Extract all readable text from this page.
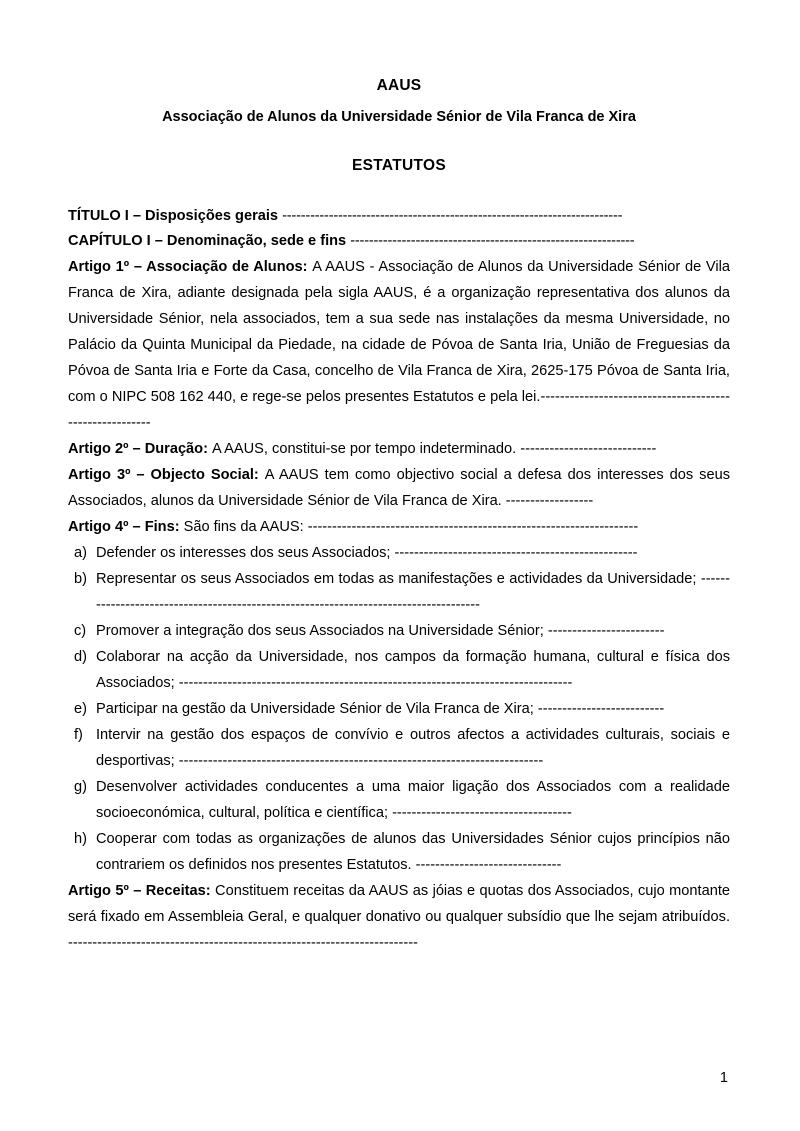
AAUS
Associação de Alunos da Universidade Sénior de Vila Franca de Xira
ESTATUTOS

TÍTULO I – Disposições gerais -------------------------------------------------------------------------

CAPÍTULO I – Denominação, sede e fins -------------------------------------------------------------

Artigo 1º – Associação de Alunos: A AAUS - Associação de Alunos da Universidade Sénior de Vila Franca de Xira, adiante designada pela sigla AAUS, é a organização representativa dos alunos da Universidade Sénior, nela associados, tem a sua sede nas instalações da mesma Universidade, no Palácio da Quinta Municipal da Piedade, na cidade de Póvoa de Santa Iria, União de Freguesias da Póvoa de Santa Iria e Forte da Casa, concelho de Vila Franca de Xira, 2625-175 Póvoa de Santa Iria, com o NIPC 508 162 440, e rege-se pelos presentes Estatutos e pela lei.--------------------------------------------------------

Artigo 2º – Duração: A AAUS, constitui-se por tempo indeterminado. ----------------------------

Artigo 3º – Objecto Social: A AAUS tem como objectivo social a defesa dos interesses dos seus Associados, alunos da Universidade Sénior de Vila Franca de Xira. ------------------

Artigo 4º – Fins: São fins da AAUS: --------------------------------------------------------------------

a) Defender os interesses dos seus Associados; --------------------------------------------------
b) Representar os seus Associados em todas as manifestações e actividades da Universidade; -------------------------------------------------------------------------------------
c) Promover a integração dos seus Associados na Universidade Sénior; ------------------------
d) Colaborar na acção da Universidade, nos campos da formação humana, cultural e física dos Associados; ---------------------------------------------------------------------------------
e) Participar na gestão da Universidade Sénior de Vila Franca de Xira; --------------------------
f) Intervir na gestão dos espaços de convívio e outros afectos a actividades culturais, sociais e desportivas; ---------------------------------------------------------------------------
g) Desenvolver actividades conducentes a uma maior ligação dos Associados com a realidade socioeconómica, cultural, política e científica; -------------------------------------
h) Cooperar com todas as organizações de alunos das Universidades Sénior cujos princípios não contrariem os definidos nos presentes Estatutos. ------------------------------

Artigo 5º – Receitas: Constituem receitas da AAUS as jóias e quotas dos Associados, cujo montante será fixado em Assembleia Geral, e qualquer donativo ou qualquer subsídio que lhe sejam atribuídos. ------------------------------------------------------------------------

1
